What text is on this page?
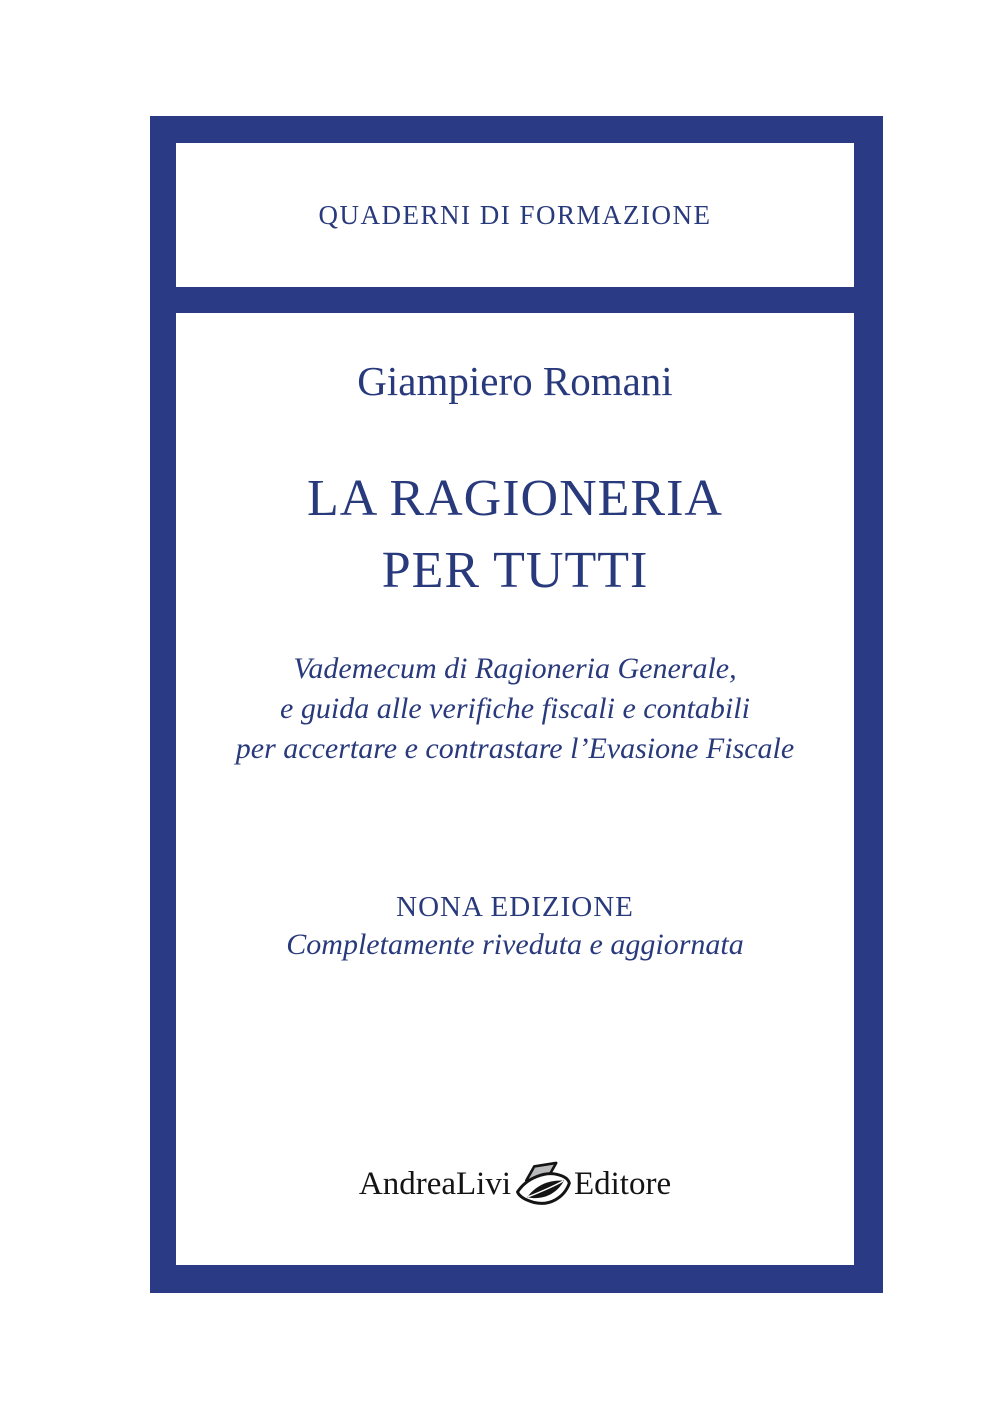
QUADERNI DI FORMAZIONE
Giampiero Romani
LA RAGIONERIA
PER TUTTI
Vademecum di Ragioneria Generale,
e guida alle verifiche fiscali e contabili
per accertare e contrastare l’Evasione Fiscale
NONA EDIZIONE
Completamente riveduta e aggiornata
AndreaLivi Editore
